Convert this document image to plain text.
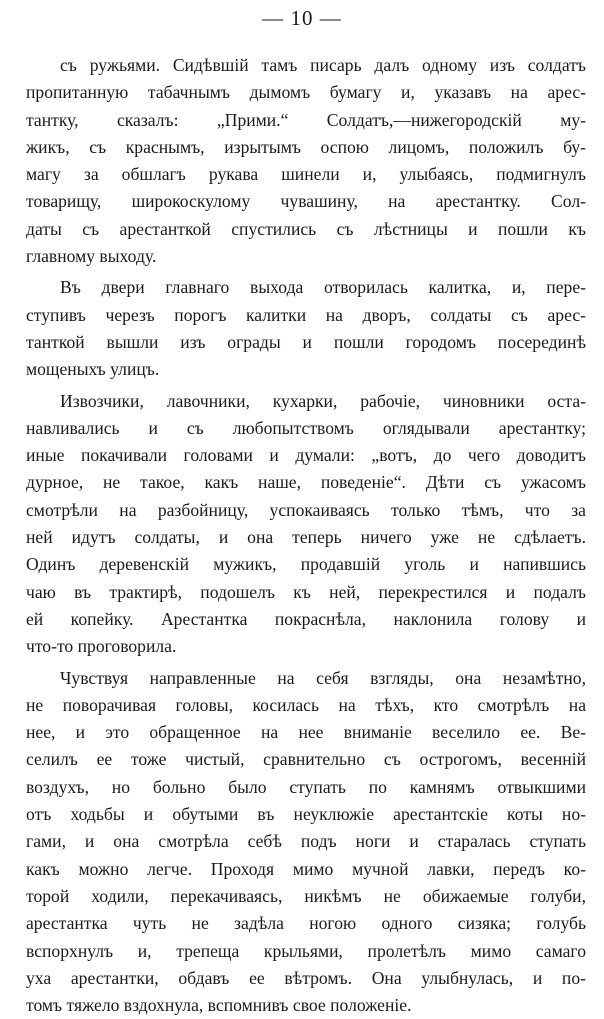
— 10 —
съ ружьями. Сидѣвшій тамъ писарь далъ одному изъ солдатъ
пропитанную табачнымъ дымомъ бумагу и, указавъ на арес-
тантку, сказалъ: „Прими.“ Солдатъ,—нижегородскій му-
жикъ, съ краснымъ, изрытымъ оспою лицомъ, положилъ бу-
магу за обшлагъ рукава шинели и, улыбаясь, подмигнулъ
товарищу, широкоскулому чувашину, на арестантку. Сол-
даты съ арестанткой спустились съ лѣстницы и пошли къ
главному выходу.
Въ двери главнаго выхода отворилась калитка, и, пере-
ступивъ черезъ порогъ калитки на дворъ, солдаты съ арес-
танткой вышли изъ ограды и пошли городомъ посерединѣ
мощеныхъ улицъ.
Извозчики, лавочники, кухарки, рабочіе, чиновники оста-
навливались и съ любопытствомъ оглядывали арестантку;
иные покачивали головами и думали: „вотъ, до чего доводитъ
дурное, не такое, какъ наше, поведеніе“. Дѣти съ ужасомъ
смотрѣли на разбойницу, успокаиваясь только тѣмъ, что за
ней идутъ солдаты, и она теперь ничего уже не сдѣлаетъ.
Одинъ деревенскій мужикъ, продавшій уголь и напившись
чаю въ трактирѣ, подошелъ къ ней, перекрестился и подалъ
ей копейку. Арестантка покраснѣла, наклонила голову и
что-то проговорила.
Чувствуя направленные на себя взгляды, она незамѣтно,
не поворачивая головы, косилась на тѣхъ, кто смотрѣлъ на
нее, и это обращенное на нее вниманіе веселило ее. Ве-
селилъ ее тоже чистый, сравнительно съ острогомъ, весенній
воздухъ, но больно было ступать по камнямъ отвыкшими
отъ ходьбы и обутыми въ неуклюжіе арестантскіе коты но-
гами, и она смотрѣла себѣ подъ ноги и старалась ступать
какъ можно легче. Проходя мимо мучной лавки, передъ ко-
торой ходили, перекачиваясь, никѣмъ не обижаемые голуби,
арестантка чуть не задѣла ногою одного сизяка; голубь
вспорхнулъ и, трепеща крыльями, пролетѣлъ мимо самаго
уха арестантки, обдавъ ее вѣтромъ. Она улыбнулась, и по-
томъ тяжело вздохнула, вспомнивъ свое положеніе.
